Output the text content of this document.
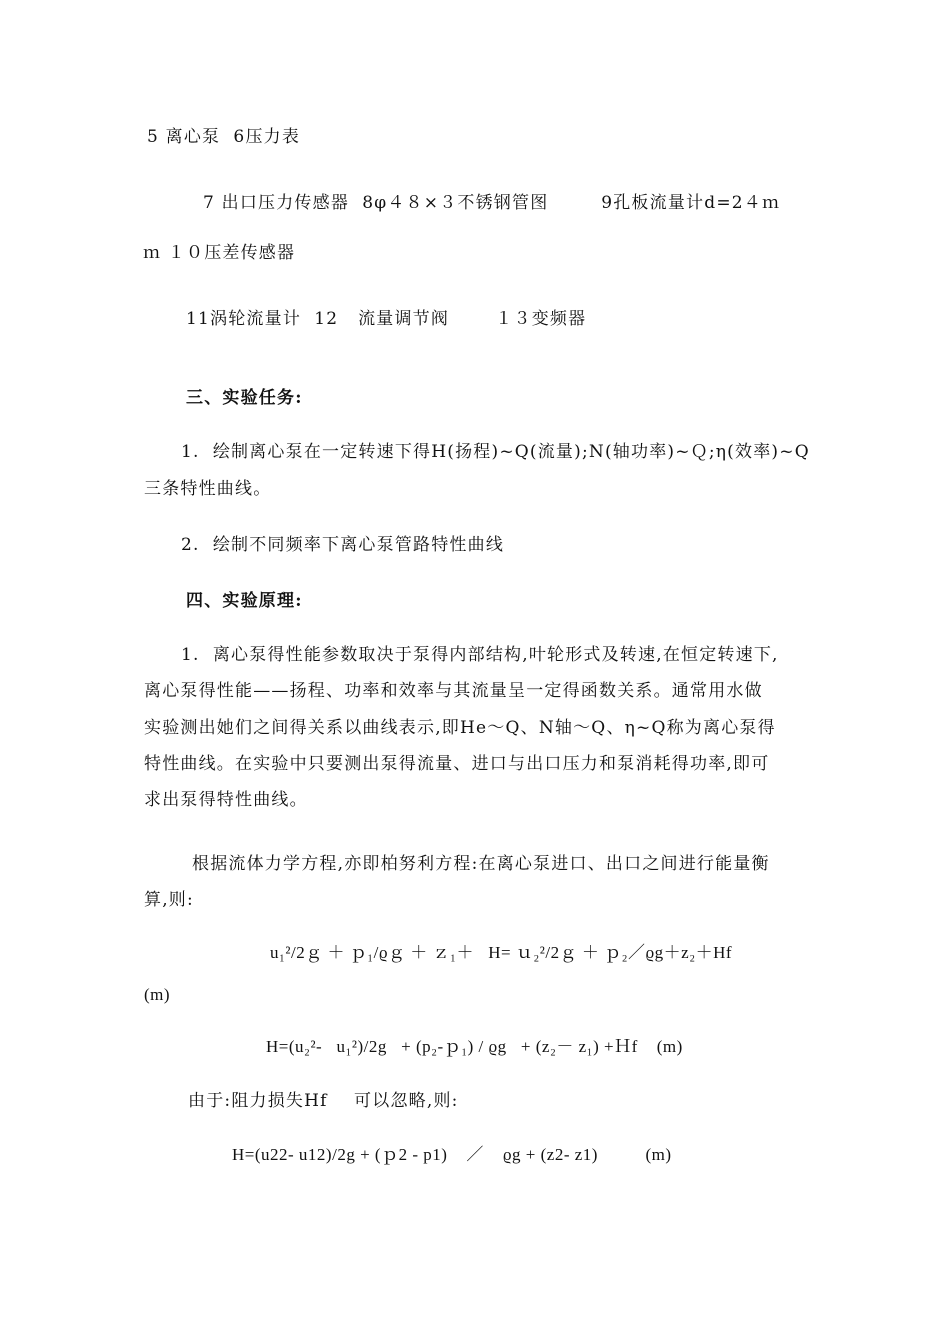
5 离心泵  6压力表
7 出口压力传感器  8φ４８×３不锈钢管图        9孔板流量计d=2４ｍ
ｍ １０压差传感器
11涡轮流量计  12   流量调节阀       １３变频器
三、实验任务:
1.  绘制离心泵在一定转速下得H(扬程)~Q(流量);N(轴功率)~Ｑ;η(效率)~Q
三条特性曲线。
2.  绘制不同频率下离心泵管路特性曲线
四、实验原理:
1.  离心泵得性能参数取决于泵得内部结构,叶轮形式及转速,在恒定转速下,
离心泵得性能——扬程、功率和效率与其流量呈一定得函数关系。通常用水做
实验测出她们之间得关系以曲线表示,即He～Q、N轴～Q、η~Q称为离心泵得
特性曲线。在实验中只要测出泵得流量、进口与出口压力和泵消耗得功率,即可
求出泵得特性曲线。
根据流体力学方程,亦即柏努利方程:在离心泵进口、出口之间进行能量衡
算,则:
u₁²/2ｇ ＋ ｐ₁/ϱｇ ＋ ｚ₁＋   H= ｕ₂²/2ｇ ＋ ｐ₂／ϱg＋z₂＋Hf
(m)
H=(u₂²-   u₁²)/2g   + (p₂-ｐ₁) / ϱg   + (z₂－ z₁) +Ｈf    (m)
由于:阻力损失Hf    可以忽略,则:
H=(u22- u12)/2g + (ｐ2 - p1)    ／    ϱg + (z2- z1)          (m)
